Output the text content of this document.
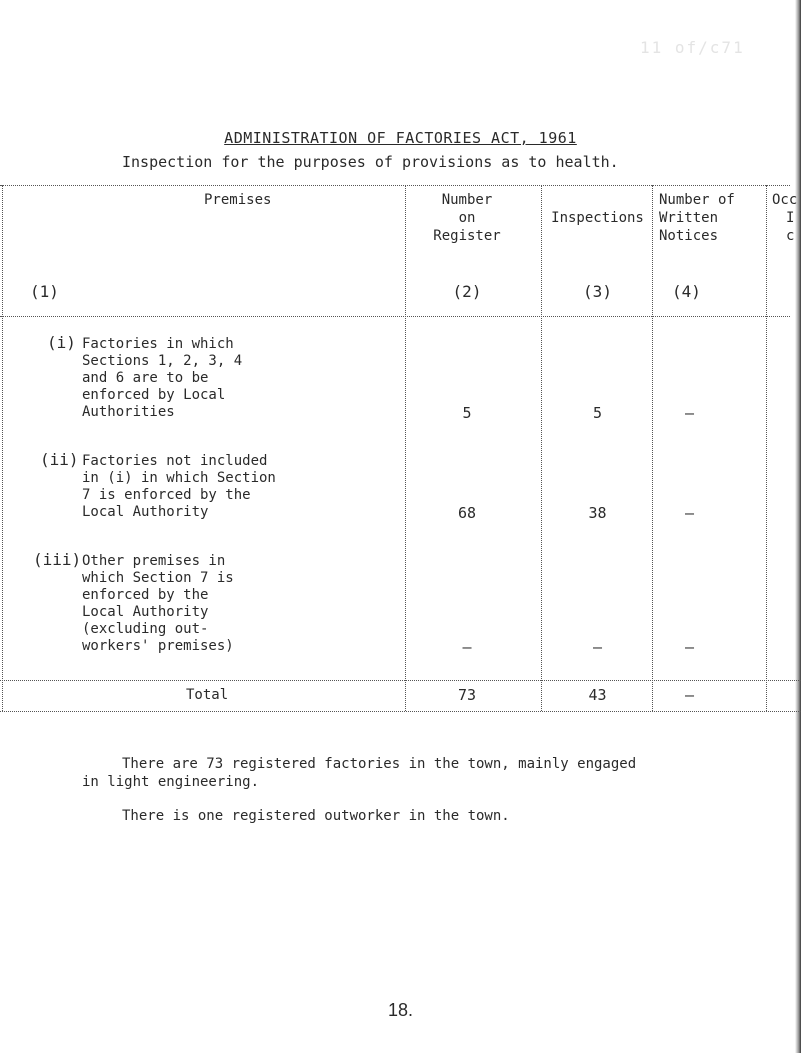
11 of/c71
ADMINISTRATION OF FACTORIES ACT, 1961
Inspection for the purposes of provisions as to health.
Premises
(1)
Number
on
Register
(2)
Inspections
(3)
Number of
Written
Notices
(4)
Occ
I
c
(i) Factories in which
Sections 1, 2, 3, 4
and 6 are to be
enforced by Local
Authorities	5	5	–
(ii) Factories not included
in (i) in which Section
7 is enforced by the
Local Authority	68	38	–
(iii) Other premises in
which Section 7 is
enforced by the
Local Authority
(excluding out-
workers' premises)	–	–	–
Total	73	43	–
There are 73 registered factories in the town, mainly engaged
in light engineering.
There is one registered outworker in the town.
18.
